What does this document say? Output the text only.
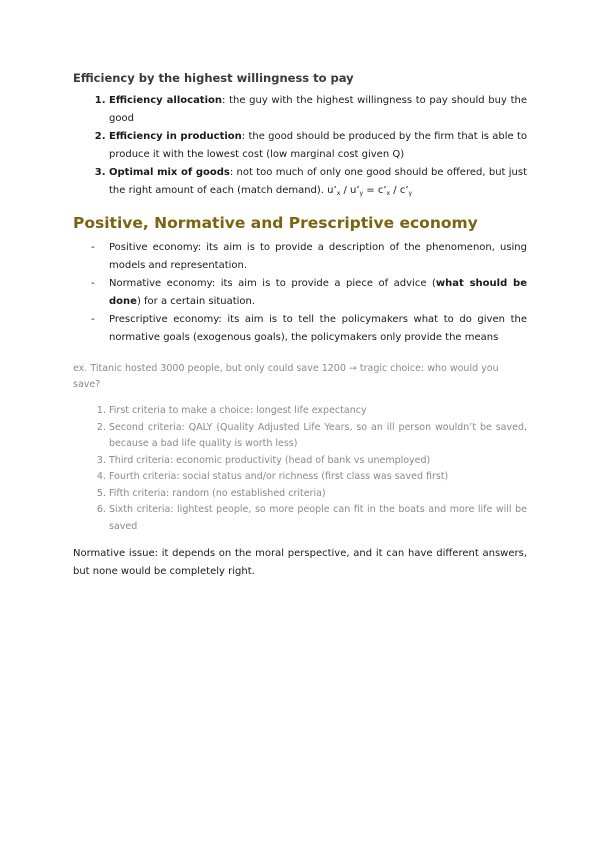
Efficiency by the highest willingness to pay
1. Efficiency allocation: the guy with the highest willingness to pay should buy the good
2. Efficiency in production: the good should be produced by the firm that is able to produce it with the lowest cost (low marginal cost given Q)
3. Optimal mix of goods: not too much of only one good should be offered, but just the right amount of each (match demand). $u’_x$ / $u’_y$ = $c’_x$ / $c’_y$
Positive, Normative and Prescriptive economy
- Positive economy: its aim is to provide a description of the phenomenon, using models and representation.
- Normative economy: its aim is to provide a piece of advice (what should be done) for a certain situation.
- Prescriptive economy: its aim is to tell the policymakers what to do given the normative goals (exogenous goals), the policymakers only provide the means

ex. Titanic hosted 3000 people, but only could save 1200 → tragic choice: who would you save?

1. First criteria to make a choice: longest life expectancy
2. Second criteria: QALY (Quality Adjusted Life Years, so an ill person wouldn’t be saved, because a bad life quality is worth less)
3. Third criteria: economic productivity (head of bank vs unemployed)
4. Fourth criteria: social status and/or richness (first class was saved first)
5. Fifth criteria: random (no established criteria)
6. Sixth criteria: lightest people, so more people can fit in the boats and more life will be saved

Normative issue: it depends on the moral perspective, and it can have different answers, but none would be completely right.
